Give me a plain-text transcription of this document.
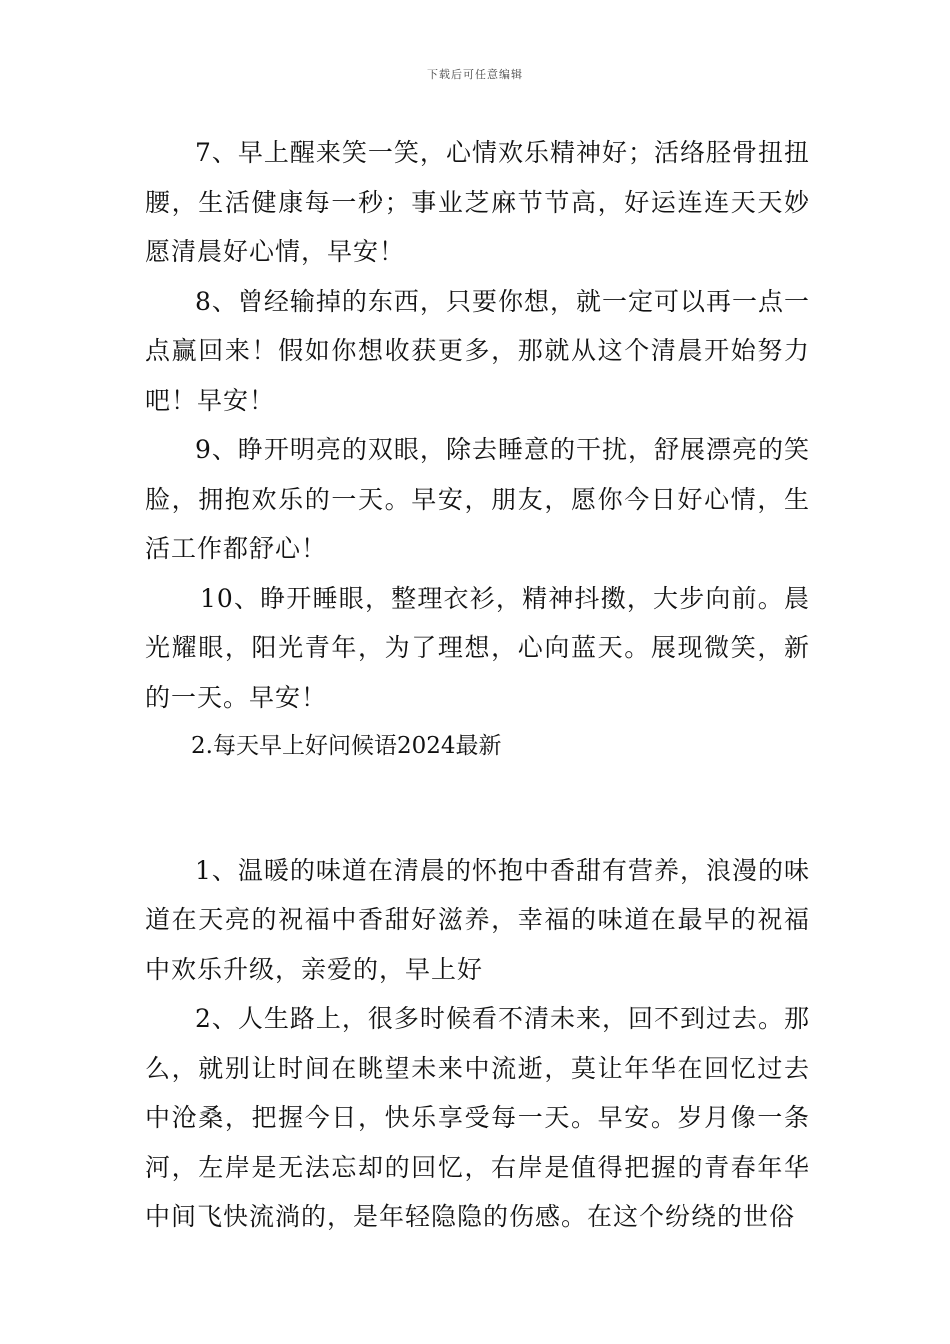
下载后可任意编辑

7、早上醒来笑一笑，心情欢乐精神好；活络胫骨扭扭腰，生活健康每一秒；事业芝麻节节高，好运连连天天妙愿清晨好心情，早安！

8、曾经输掉的东西，只要你想，就一定可以再一点一点赢回来！假如你想收获更多，那就从这个清晨开始努力吧！早安！

9、睁开明亮的双眼，除去睡意的干扰，舒展漂亮的笑脸，拥抱欢乐的一天。早安，朋友，愿你今日好心情，生活工作都舒心！

10、睁开睡眼，整理衣衫，精神抖擞，大步向前。晨光耀眼，阳光青年，为了理想，心向蓝天。展现微笑，新的一天。早安！

2.每天早上好问候语2024最新

1、温暖的味道在清晨的怀抱中香甜有营养，浪漫的味道在天亮的祝福中香甜好滋养，幸福的味道在最早的祝福中欢乐升级，亲爱的，早上好

2、人生路上，很多时候看不清未来，回不到过去。那么，就别让时间在眺望未来中流逝，莫让年华在回忆过去中沧桑，把握今日，快乐享受每一天。早安。岁月像一条河，左岸是无法忘却的回忆，右岸是值得把握的青春年华中间飞快流淌的，是年轻隐隐的伤感。在这个纷绕的世俗
